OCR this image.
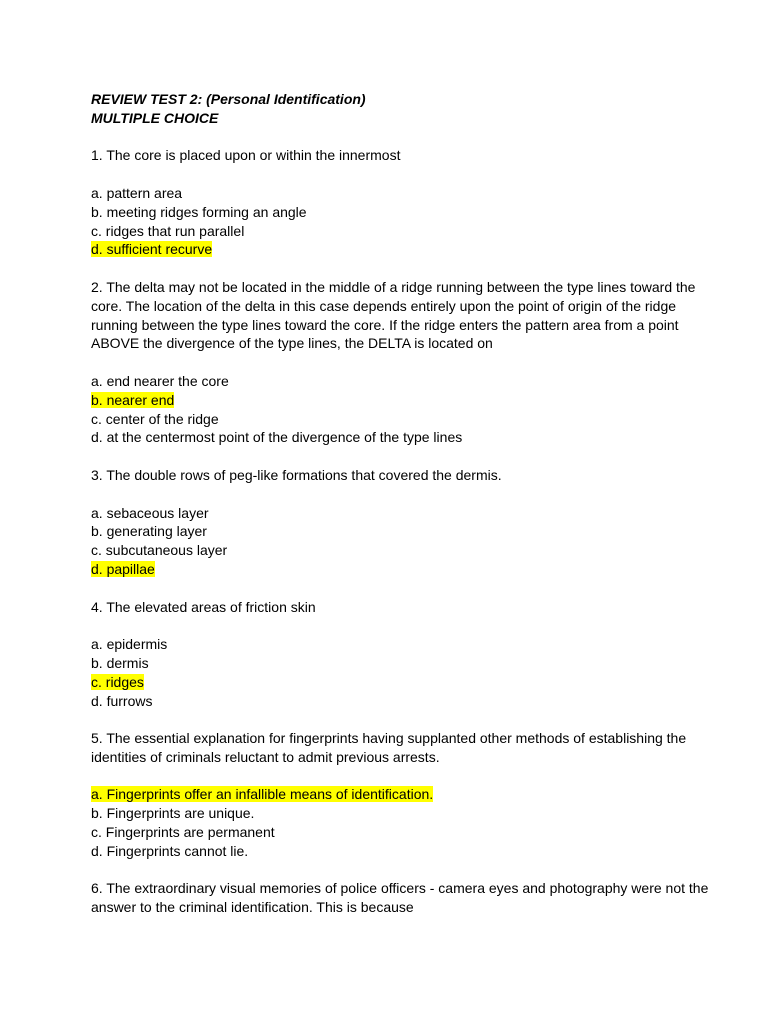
REVIEW TEST 2: (Personal Identification)

MULTIPLE CHOICE

1. The core is placed upon or within the innermost

a. pattern area

b. meeting ridges forming an angle

c. ridges that run parallel

d. sufficient recurve

2. The delta may not be located in the middle of a ridge running between the type lines toward the core. The location of the delta in this case depends entirely upon the point of origin of the ridge running between the type lines toward the core. If the ridge enters the pattern area from a point ABOVE the divergence of the type lines, the DELTA is located on

a. end nearer the core

b. nearer end

c. center of the ridge

d. at the centermost point of the divergence of the type lines

3. The double rows of peg-like formations that covered the dermis.

a. sebaceous layer

b. generating layer

c. subcutaneous layer

d. papillae

4. The elevated areas of friction skin

a. epidermis

b. dermis

c. ridges

d. furrows

5. The essential explanation for fingerprints having supplanted other methods of establishing the identities of criminals reluctant to admit previous arrests.

a. Fingerprints offer an infallible means of identification.

b. Fingerprints are unique.

c. Fingerprints are permanent

d. Fingerprints cannot lie.

6. The extraordinary visual memories of police officers - camera eyes and photography were not the answer to the criminal identification. This is because
